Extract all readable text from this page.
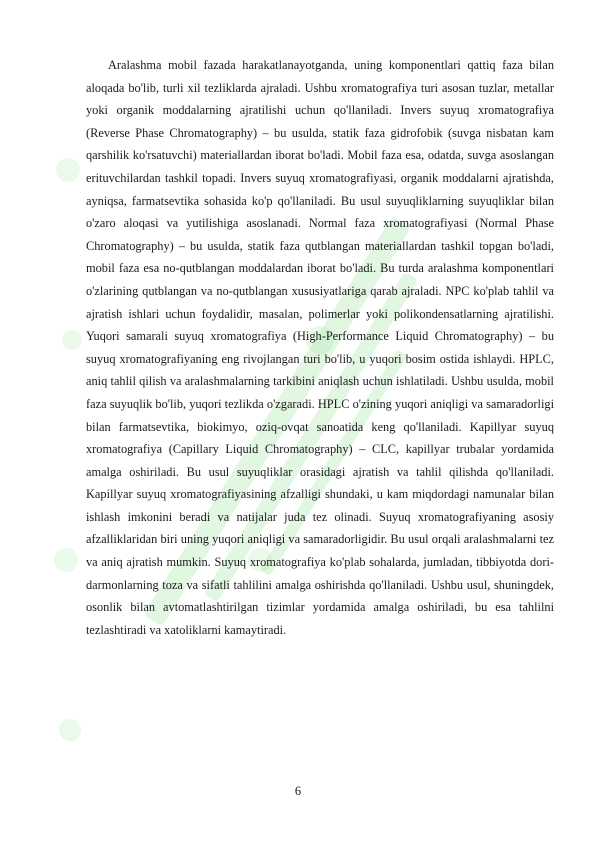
Aralashma mobil fazada harakatlanayotganda, uning komponentlari qattiq faza bilan aloqada bo'lib, turli xil tezliklarda ajraladi. Ushbu xromatografiya turi asosan tuzlar, metallar yoki organik moddalarning ajratilishi uchun qo'llaniladi. Invers suyuq xromatografiya (Reverse Phase Chromatography) – bu usulda, statik faza gidrofobik (suvga nisbatan kam qarshilik ko'rsatuvchi) materiallardan iborat bo'ladi. Mobil faza esa, odatda, suvga asoslangan erituvchilardan tashkil topadi. Invers suyuq xromatografiyasi, organik moddalarni ajratishda, ayniqsa, farmatsevtika sohasida ko'p qo'llaniladi. Bu usul suyuqliklarning suyuqliklar bilan o'zaro aloqasi va yutilishiga asoslanadi. Normal faza xromatografiyasi (Normal Phase Chromatography) – bu usulda, statik faza qutblangan materiallardan tashkil topgan bo'ladi, mobil faza esa no-qutblangan moddalardan iborat bo'ladi. Bu turda aralashma komponentlari o'zlarining qutblangan va no-qutblangan xususiyatlariga qarab ajraladi. NPC ko'plab tahlil va ajratish ishlari uchun foydalidir, masalan, polimerlar yoki polikondensatlarning ajratilishi. Yuqori samarali suyuq xromatografiya (High-Performance Liquid Chromatography) – bu suyuq xromatografiyaning eng rivojlangan turi bo'lib, u yuqori bosim ostida ishlaydi. HPLC, aniq tahlil qilish va aralashmalarning tarkibini aniqlash uchun ishlatiladi. Ushbu usulda, mobil faza suyuqlik bo'lib, yuqori tezlikda o'zgaradi. HPLC o'zining yuqori aniqligi va samaradorligi bilan farmatsevtika, biokimyo, oziq-ovqat sanoatida keng qo'llaniladi. Kapillyar suyuq xromatografiya (Capillary Liquid Chromatography) – CLC, kapillyar trubalar yordamida amalga oshiriladi. Bu usul suyuqliklar orasidagi ajratish va tahlil qilishda qo'llaniladi. Kapillyar suyuq xromatografiyasining afzalligi shundaki, u kam miqdordagi namunalar bilan ishlash imkonini beradi va natijalar juda tez olinadi. Suyuq xromatografiyaning asosiy afzalliklaridan biri uning yuqori aniqligi va samaradorligidir. Bu usul orqali aralashmalarni tez va aniq ajratish mumkin. Suyuq xromatografiya ko'plab sohalarda, jumladan, tibbiyotda dori-darmonlarning toza va sifatli tahlilini amalga oshirishda qo'llaniladi. Ushbu usul, shuningdek, osonlik bilan avtomatlashtirilgan tizimlar yordamida amalga oshiriladi, bu esa tahlilni tezlashtiradi va xatoliklarni kamaytiradi.

6
